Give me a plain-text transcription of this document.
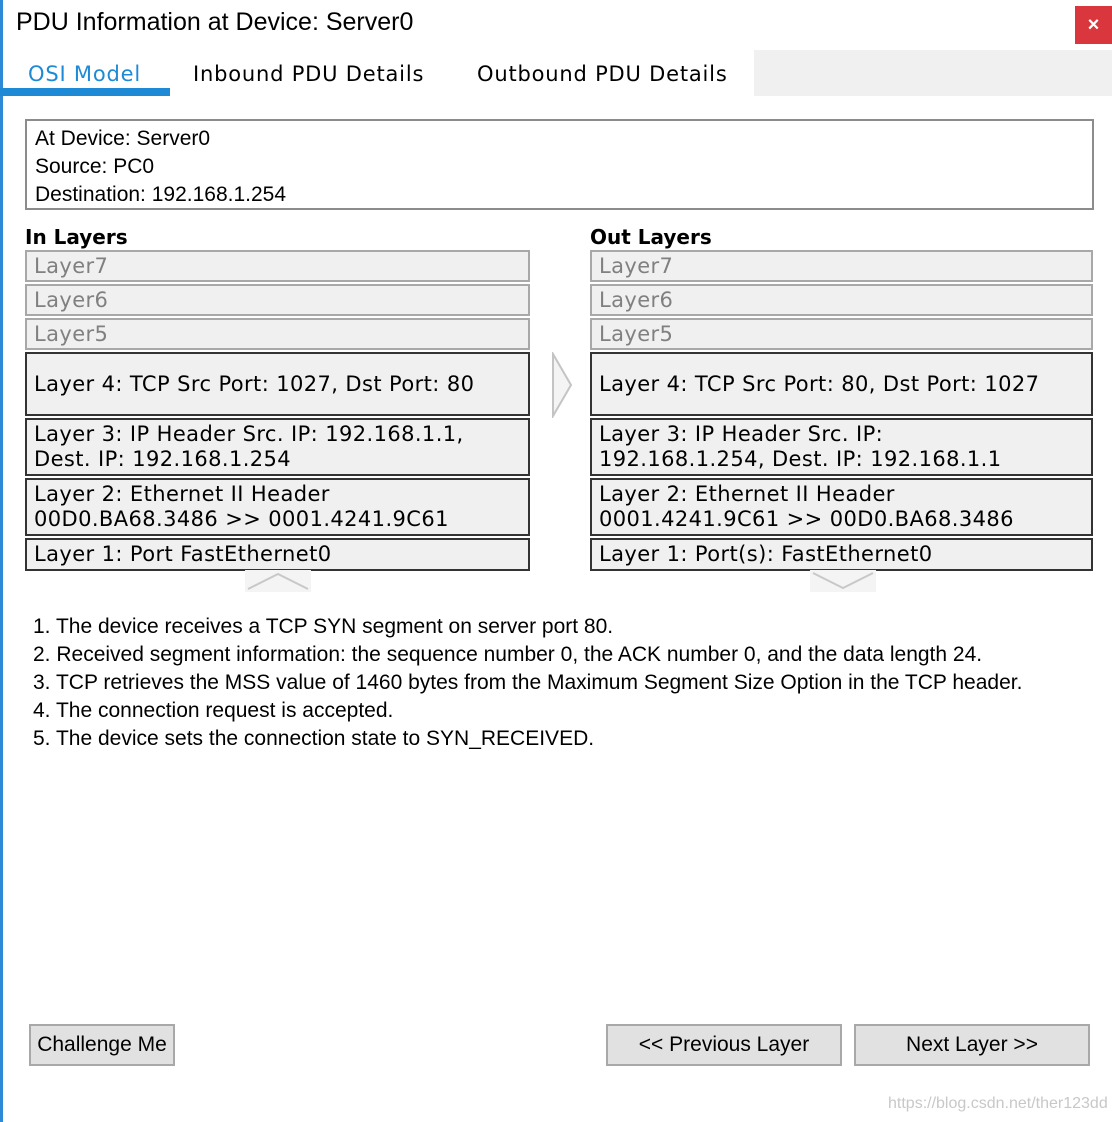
PDU Information at Device: Server0	×
OSI Model	Inbound PDU Details	Outbound PDU Details
At Device: Server0
Source: PC0
Destination: 192.168.1.254
In Layers
Layer7
Layer6
Layer5
Layer 4: TCP Src Port: 1027, Dst Port: 80
Layer 3: IP Header Src. IP: 192.168.1.1,
Dest. IP: 192.168.1.254
Layer 2: Ethernet II Header
00D0.BA68.3486 >> 0001.4241.9C61
Layer 1: Port FastEthernet0
Out Layers
Layer7
Layer6
Layer5
Layer 4: TCP Src Port: 80, Dst Port: 1027
Layer 3: IP Header Src. IP:
192.168.1.254, Dest. IP: 192.168.1.1
Layer 2: Ethernet II Header
0001.4241.9C61 >> 00D0.BA68.3486
Layer 1: Port(s): FastEthernet0
1. The device receives a TCP SYN segment on server port 80.
2. Received segment information: the sequence number 0, the ACK number 0, and the data length 24.
3. TCP retrieves the MSS value of 1460 bytes from the Maximum Segment Size Option in the TCP header.
4. The connection request is accepted.
5. The device sets the connection state to SYN_RECEIVED.
Challenge Me	<< Previous Layer	Next Layer >>
https://blog.csdn.net/ther123dd
